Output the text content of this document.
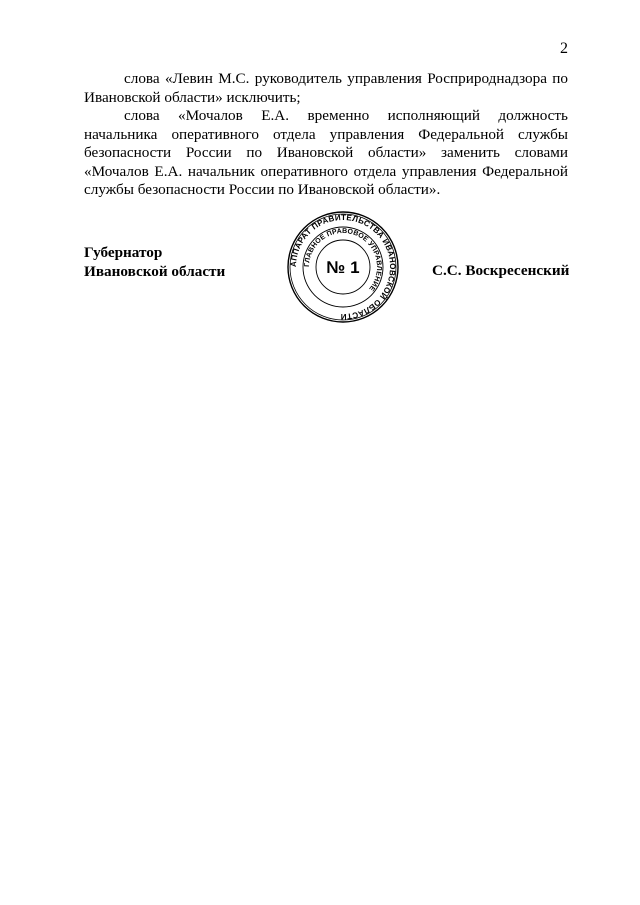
2

слова «Левин М.С. руководитель управления Росприроднадзора по Ивановской области» исключить;

слова «Мочалов Е.А. временно исполняющий должность начальника оперативного отдела управления Федеральной службы безопасности России по Ивановской области» заменить словами «Мочалов Е.А. начальник оперативного отдела управления Федеральной службы безопасности России по Ивановской области».

Губернатор
Ивановской области	АППАРАТ ПРАВИТЕЛЬСТВА ИВАНОВСКОЙ ОБЛАСТИ
ГЛАВНОЕ ПРАВОВОЕ УПРАВЛЕНИЕ
№ 1	С.С. Воскресенский
